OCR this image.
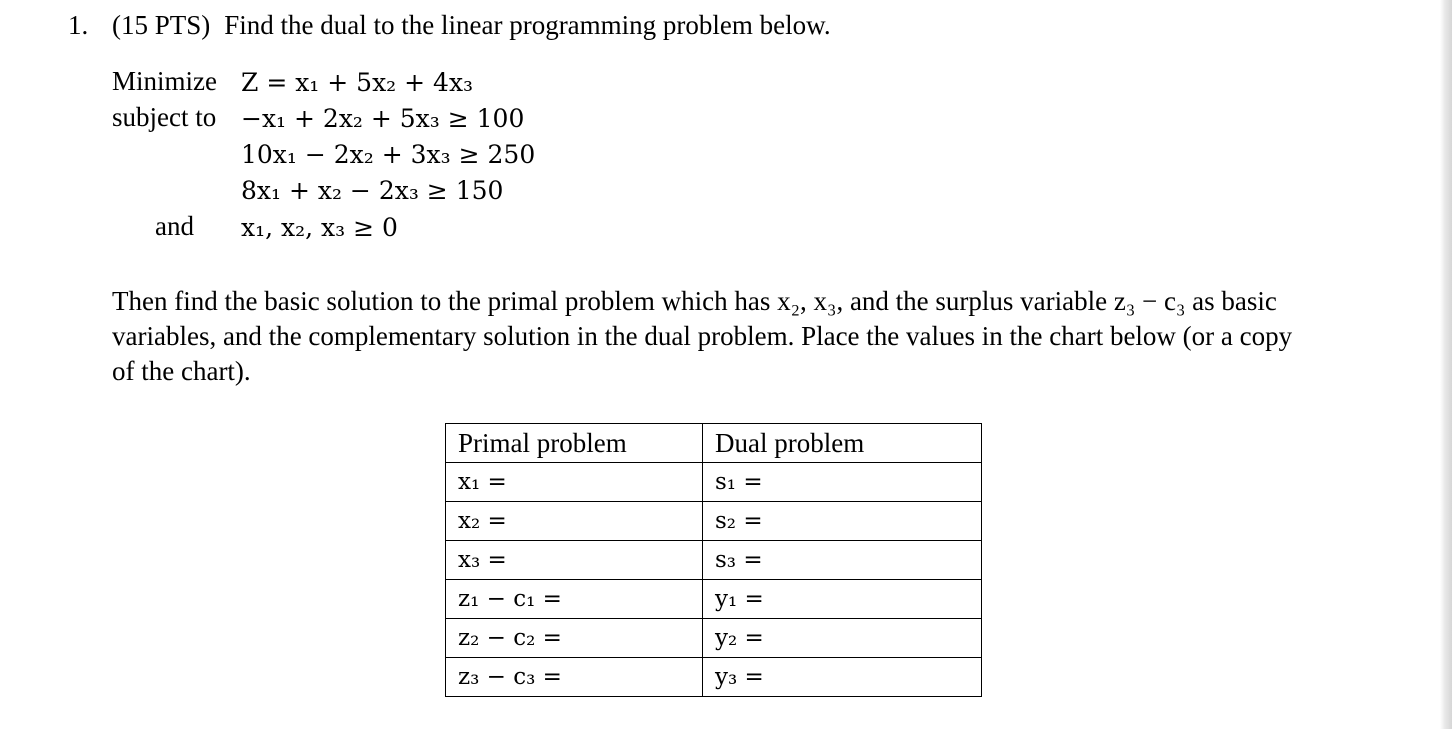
1. (15 PTS) Find the dual to the linear programming problem below.
Minimize Z = x₁ + 5x₂ + 4x₃
subject to −x₁ + 2x₂ + 5x₃ ≥ 100
10x₁ − 2x₂ + 3x₃ ≥ 250
8x₁ + x₂ − 2x₃ ≥ 150
and x₁, x₂, x₃ ≥ 0
Then find the basic solution to the primal problem which has x₂, x₃, and the surplus variable z₃ − c₃ as basic
variables, and the complementary solution in the dual problem. Place the values in the chart below (or a copy
of the chart).
Primal problem	Dual problem
x₁ =	s₁ =
x₂ =	s₂ =
x₃ =	s₃ =
z₁ − c₁ =	y₁ =
z₂ − c₂ =	y₂ =
z₃ − c₃ =	y₃ =
